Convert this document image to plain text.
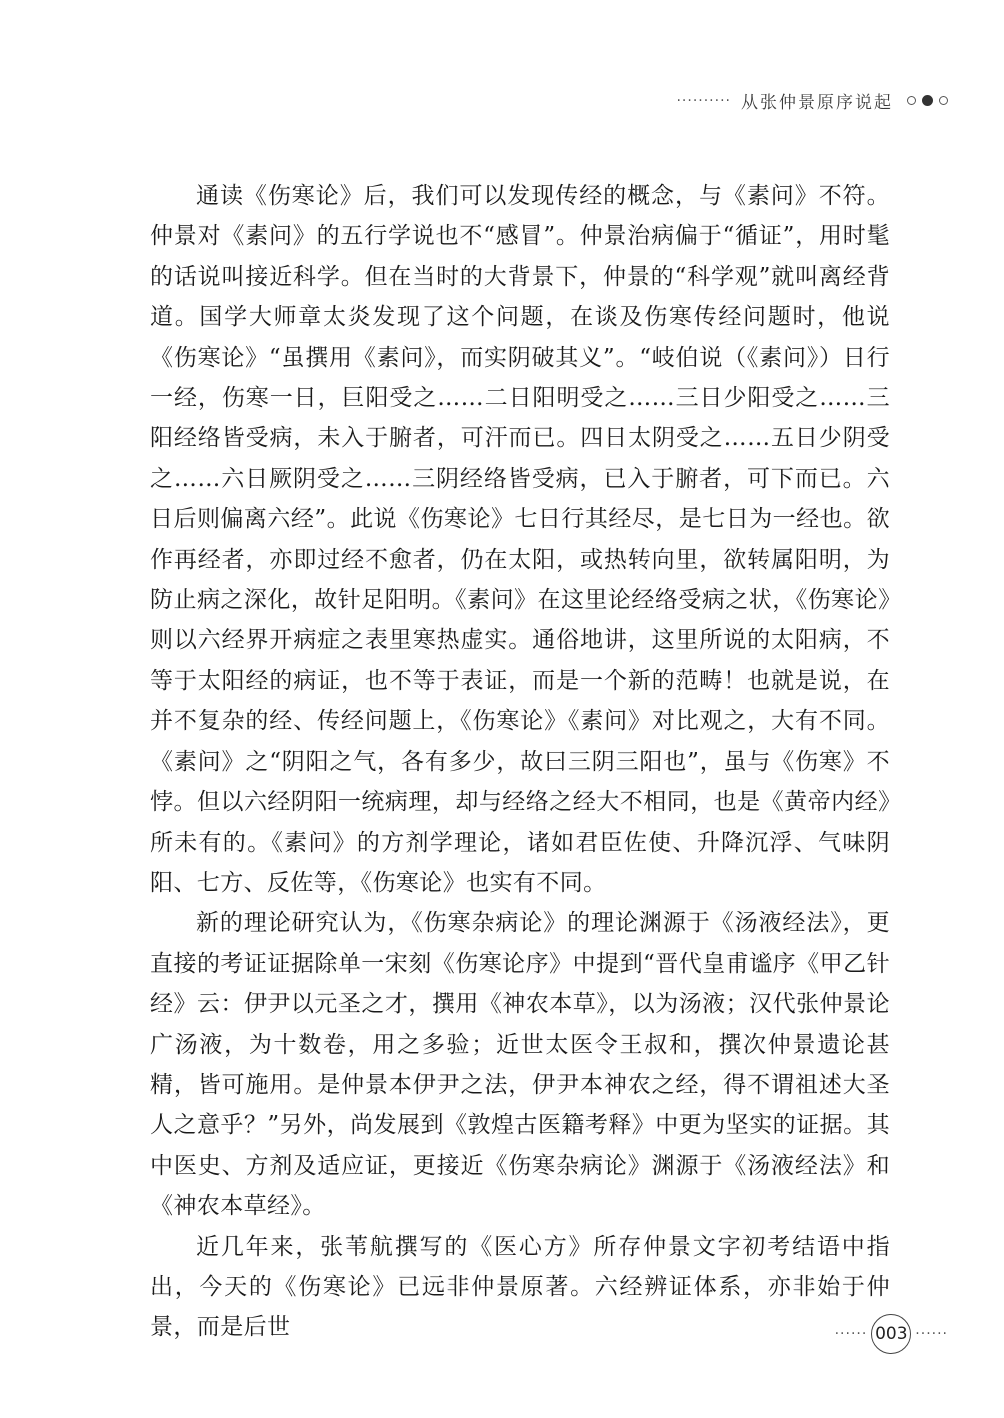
·········· 从张仲景原序说起

通读《伤寒论》后，我们可以发现传经的概念，与《素问》不符。仲景对《素问》的五行学说也不“感冒”。仲景治病偏于“循证”，用时髦的话说叫接近科学。但在当时的大背景下，仲景的“科学观”就叫离经背道。国学大师章太炎发现了这个问题，在谈及伤寒传经问题时，他说《伤寒论》“虽撰用《素问》，而实阴破其义”。“岐伯说（《素问》）日行一经，伤寒一日，巨阳受之……二日阳明受之……三日少阳受之……三阳经络皆受病，未入于腑者，可汗而已。四日太阴受之……五日少阴受之……六日厥阴受之……三阴经络皆受病，已入于腑者，可下而已。六日后则偏离六经”。此说《伤寒论》七日行其经尽，是七日为一经也。欲作再经者，亦即过经不愈者，仍在太阳，或热转向里，欲转属阳明，为防止病之深化，故针足阳明。《素问》在这里论经络受病之状，《伤寒论》则以六经界开病症之表里寒热虚实。通俗地讲，这里所说的太阳病，不等于太阳经的病证，也不等于表证，而是一个新的范畴！也就是说，在并不复杂的经、传经问题上，《伤寒论》《素问》对比观之，大有不同。《素问》之“阴阳之气，各有多少，故曰三阴三阳也”，虽与《伤寒》不悖。但以六经阴阳一统病理，却与经络之经大不相同，也是《黄帝内经》所未有的。《素问》的方剂学理论，诸如君臣佐使、升降沉浮、气味阴阳、七方、反佐等，《伤寒论》也实有不同。

新的理论研究认为，《伤寒杂病论》的理论渊源于《汤液经法》，更直接的考证证据除单一宋刻《伤寒论序》中提到“晋代皇甫谧序《甲乙针经》云：伊尹以元圣之才，撰用《神农本草》，以为汤液；汉代张仲景论广汤液，为十数卷，用之多验；近世太医令王叔和，撰次仲景遗论甚精，皆可施用。是仲景本伊尹之法，伊尹本神农之经，得不谓祖述大圣人之意乎？”另外，尚发展到《敦煌古医籍考释》中更为坚实的证据。其中医史、方剂及适应证，更接近《伤寒杂病论》渊源于《汤液经法》和《神农本草经》。

近几年来，张苇航撰写的《医心方》所存仲景文字初考结语中指出，今天的《伤寒论》已远非仲景原著。六经辨证体系，亦非始于仲景，而是后世	······ 003 ······
